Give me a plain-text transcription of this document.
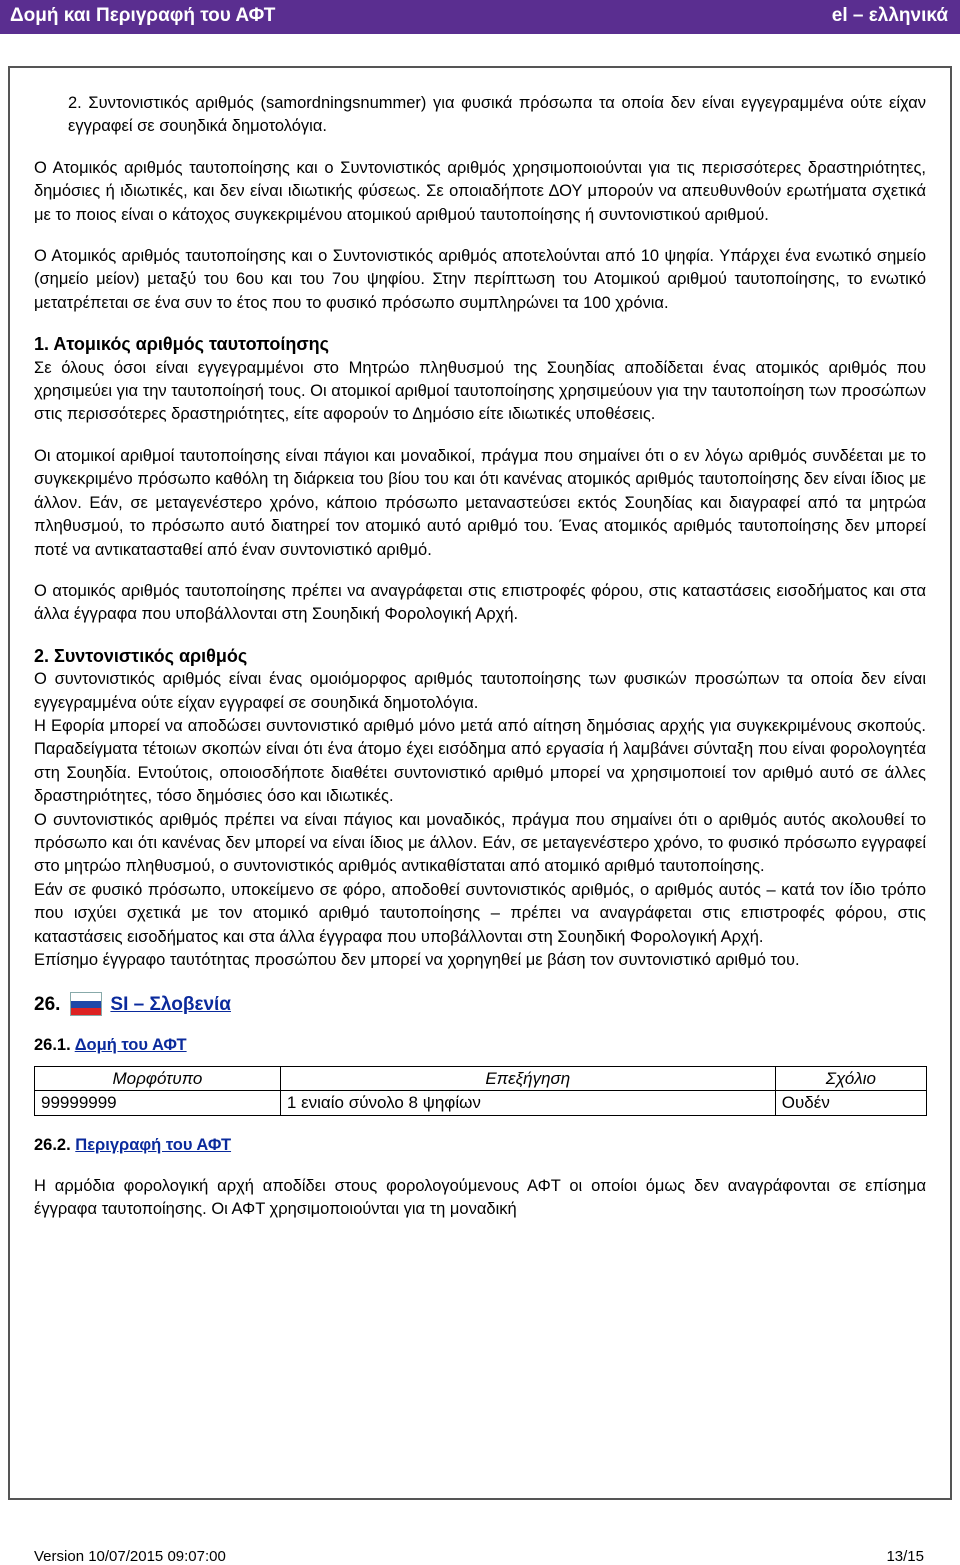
Δομή και Περιγραφή του ΑΦΤ	el – ελληνικά

2. Συντονιστικός αριθμός (samordningsnummer) για φυσικά πρόσωπα τα οποία δεν είναι εγγεγραμμένα ούτε είχαν εγγραφεί σε σουηδικά δημοτολόγια.

Ο Ατομικός αριθμός ταυτοποίησης και ο Συντονιστικός αριθμός χρησιμοποιούνται για τις περισσότερες δραστηριότητες, δημόσιες ή ιδιωτικές, και δεν είναι ιδιωτικής φύσεως. Σε οποιαδήποτε ΔΟΥ μπορούν να απευθυνθούν ερωτήματα σχετικά με το ποιος είναι ο κάτοχος συγκεκριμένου ατομικού αριθμού ταυτοποίησης ή συντονιστικού αριθμού.

Ο Ατομικός αριθμός ταυτοποίησης και ο Συντονιστικός αριθμός αποτελούνται από 10 ψηφία. Υπάρχει ένα ενωτικό σημείο (σημείο μείον) μεταξύ του 6ου και του 7ου ψηφίου. Στην περίπτωση του Ατομικού αριθμού ταυτοποίησης, το ενωτικό μετατρέπεται σε ένα συν το έτος που το φυσικό πρόσωπο συμπληρώνει τα 100 χρόνια.

1. Ατομικός αριθμός ταυτοποίησης

Σε όλους όσοι είναι εγγεγραμμένοι στο Μητρώο πληθυσμού της Σουηδίας αποδίδεται ένας ατομικός αριθμός που χρησιμεύει για την ταυτοποίησή τους. Οι ατομικοί αριθμοί ταυτοποίησης χρησιμεύουν για την ταυτοποίηση των προσώπων στις περισσότερες δραστηριότητες, είτε αφορούν το Δημόσιο είτε ιδιωτικές υποθέσεις.

Οι ατομικοί αριθμοί ταυτοποίησης είναι πάγιοι και μοναδικοί, πράγμα που σημαίνει ότι ο εν λόγω αριθμός συνδέεται με το συγκεκριμένο πρόσωπο καθόλη τη διάρκεια του βίου του και ότι κανένας ατομικός αριθμός ταυτοποίησης δεν είναι ίδιος με άλλον. Εάν, σε μεταγενέστερο χρόνο, κάποιο πρόσωπο μεταναστεύσει εκτός Σουηδίας και διαγραφεί από τα μητρώα πληθυσμού, το πρόσωπο αυτό διατηρεί τον ατομικό αυτό αριθμό του. Ένας ατομικός αριθμός ταυτοποίησης δεν μπορεί ποτέ να αντικατασταθεί από έναν συντονιστικό αριθμό.

Ο ατομικός αριθμός ταυτοποίησης πρέπει να αναγράφεται στις επιστροφές φόρου, στις καταστάσεις εισοδήματος και στα άλλα έγγραφα που υποβάλλονται στη Σουηδική Φορολογική Αρχή.

2. Συντονιστικός αριθμός

Ο συντονιστικός αριθμός είναι ένας ομοιόμορφος αριθμός ταυτοποίησης των φυσικών προσώπων τα οποία δεν είναι εγγεγραμμένα ούτε είχαν εγγραφεί σε σουηδικά δημοτολόγια.

Η Εφορία μπορεί να αποδώσει συντονιστικό αριθμό μόνο μετά από αίτηση δημόσιας αρχής για συγκεκριμένους σκοπούς. Παραδείγματα τέτοιων σκοπών είναι ότι ένα άτομο έχει εισόδημα από εργασία ή λαμβάνει σύνταξη που είναι φορολογητέα στη Σουηδία. Εντούτοις, οποιοσδήποτε διαθέτει συντονιστικό αριθμό μπορεί να χρησιμοποιεί τον αριθμό αυτό σε άλλες δραστηριότητες, τόσο δημόσιες όσο και ιδιωτικές.

Ο συντονιστικός αριθμός πρέπει να είναι πάγιος και μοναδικός, πράγμα που σημαίνει ότι ο αριθμός αυτός ακολουθεί το πρόσωπο και ότι κανένας δεν μπορεί να είναι ίδιος με άλλον. Εάν, σε μεταγενέστερο χρόνο, το φυσικό πρόσωπο εγγραφεί στο μητρώο πληθυσμού, ο συντονιστικός αριθμός αντικαθίσταται από ατομικό αριθμό ταυτοποίησης.

Εάν σε φυσικό πρόσωπο, υποκείμενο σε φόρο, αποδοθεί συντονιστικός αριθμός, ο αριθμός αυτός – κατά τον ίδιο τρόπο που ισχύει σχετικά με τον ατομικό αριθμό ταυτοποίησης – πρέπει να αναγράφεται στις επιστροφές φόρου, στις καταστάσεις εισοδήματος και στα άλλα έγγραφα που υποβάλλονται στη Σουηδική Φορολογική Αρχή.

Επίσημο έγγραφο ταυτότητας προσώπου δεν μπορεί να χορηγηθεί με βάση τον συντονιστικό αριθμό του.

26.	SI – Σλοβενία

26.1. Δομή του ΑΦΤ

Μορφότυπο	Επεξήγηση	Σχόλιο
99999999	1 ενιαίο σύνολο 8 ψηφίων	Ουδέν

26.2. Περιγραφή του ΑΦΤ

Η αρμόδια φορολογική αρχή αποδίδει στους φορολογούμενους ΑΦΤ οι οποίοι όμως δεν αναγράφονται σε επίσημα έγγραφα ταυτοποίησης. Οι ΑΦΤ χρησιμοποιούνται για τη μοναδική

Version 10/07/2015 09:07:00	13/15
